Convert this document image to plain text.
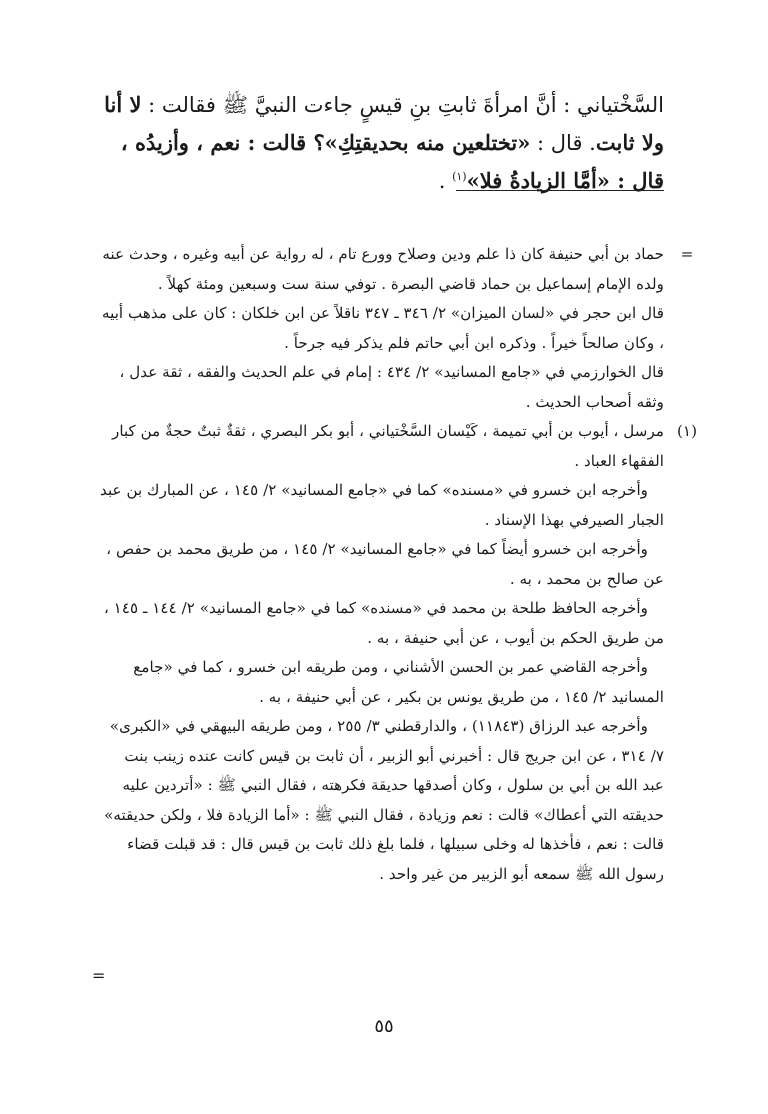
السَّخْتياني : أنَّ امرأةَ ثابتِ بنِ قيسٍ جاءت النبيَّ ﷺ فقالت : لا أنا ولا ثابت. قال : «تختلعين منه بحديقتِكِ»؟ قالت : نعم ، وأزيدُه ، قال : «أمَّا الزيادةُ فلا»$^{(١)}$ .

=
حماد بن أبي حنيفة كان ذا علم ودين وصلاح وورع تام ، له رواية عن أبيه وغيره ، وحدث عنه ولده الإمام إسماعيل بن حماد قاضي البصرة . توفي سنة ست وسبعين ومئة كهلاً .

قال ابن حجر في «لسان الميزان» ٢/ ٣٤٦ ـ ٣٤٧ ناقلاً عن ابن خلكان : كان على مذهب أبيه ، وكان صالحاً خيراً . وذكره ابن أبي حاتم فلم يذكر فيه جرحاً .

قال الخوارزمي في «جامع المسانيد» ٢/ ٤٣٤ : إمام في علم الحديث والفقه ، ثقة عدل ، وثقه أصحاب الحديث .

(١)
مرسل ، أيوب بن أبي تميمة ، كَيْسان السَّخْتياني ، أبو بكر البصري ، ثقةٌ ثبتٌ حجةٌ من كبار الفقهاء العباد .

وأخرجه ابن خسرو في «مسنده» كما في «جامع المسانيد» ٢/ ١٤٥ ، عن المبارك بن عبد الجبار الصيرفي بهذا الإسناد .

وأخرجه ابن خسرو أيضاً كما في «جامع المسانيد» ٢/ ١٤٥ ، من طريق محمد بن حفص ، عن صالح بن محمد ، به .

وأخرجه الحافظ طلحة بن محمد في «مسنده» كما في «جامع المسانيد» ٢/ ١٤٤ ـ ١٤٥ ، من طريق الحكم بن أيوب ، عن أبي حنيفة ، به .

وأخرجه القاضي عمر بن الحسن الأشناني ، ومن طريقه ابن خسرو ، كما في «جامع المسانيد ٢/ ١٤٥ ، من طريق يونس بن بكير ، عن أبي حنيفة ، به .

وأخرجه عبد الرزاق (١١٨٤٣) ، والدارقطني ٣/ ٢٥٥ ، ومن طريقه البيهقي في «الكبرى» ٧/ ٣١٤ ، عن ابن جريج قال : أخبرني أبو الزبير ، أن ثابت بن قيس كانت عنده زينب بنت عبد الله بن أبي بن سلول ، وكان أصدقها حديقة فكرهته ، فقال النبي ﷺ : «أتردين عليه حديقته التي أعطاك» قالت : نعم وزيادة ، فقال النبي ﷺ : «أما الزيادة فلا ، ولكن حديقته» قالت : نعم ، فأخذها له وخلى سبيلها ، فلما بلغ ذلك ثابت بن قيس قال : قد قبلت قضاء رسول الله ﷺ سمعه أبو الزبير من غير واحد .

=
٥٥
